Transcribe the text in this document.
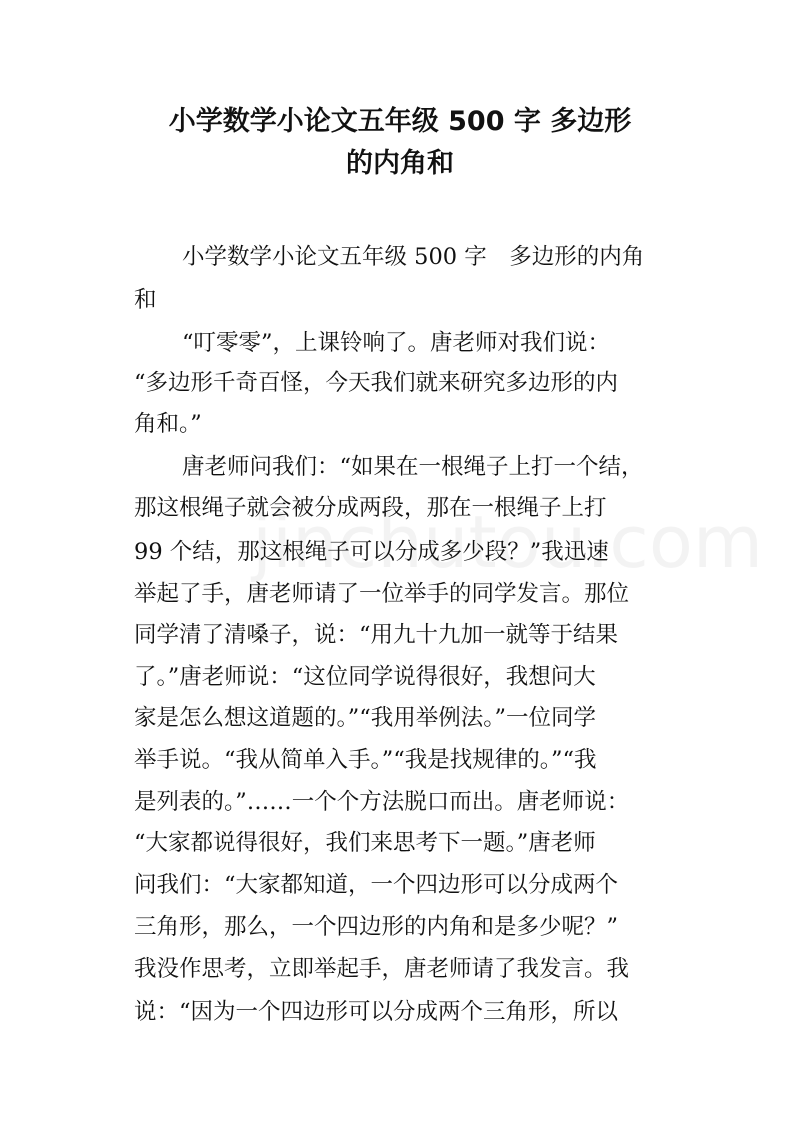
小学数学小论文五年级 500 字 多边形
的内角和

小学数学小论文五年级 500 字　多边形的内角

和

“叮零零”，上课铃响了。唐老师对我们说：

“多边形千奇百怪，今天我们就来研究多边形的内

角和。”

唐老师问我们：“如果在一根绳子上打一个结，

那这根绳子就会被分成两段，那在一根绳子上打

99 个结，那这根绳子可以分成多少段？”我迅速

举起了手，唐老师请了一位举手的同学发言。那位

同学清了清嗓子，说：“用九十九加一就等于结果

了。”唐老师说：“这位同学说得很好，我想问大

家是怎么想这道题的。”“我用举例法。”一位同学

举手说。“我从简单入手。”“我是找规律的。”“我

是列表的。”……一个个方法脱口而出。唐老师说：

“大家都说得很好，我们来思考下一题。”唐老师

问我们：“大家都知道，一个四边形可以分成两个

三角形，那么，一个四边形的内角和是多少呢？”

我没作思考，立即举起手，唐老师请了我发言。我

说：“因为一个四边形可以分成两个三角形，所以
